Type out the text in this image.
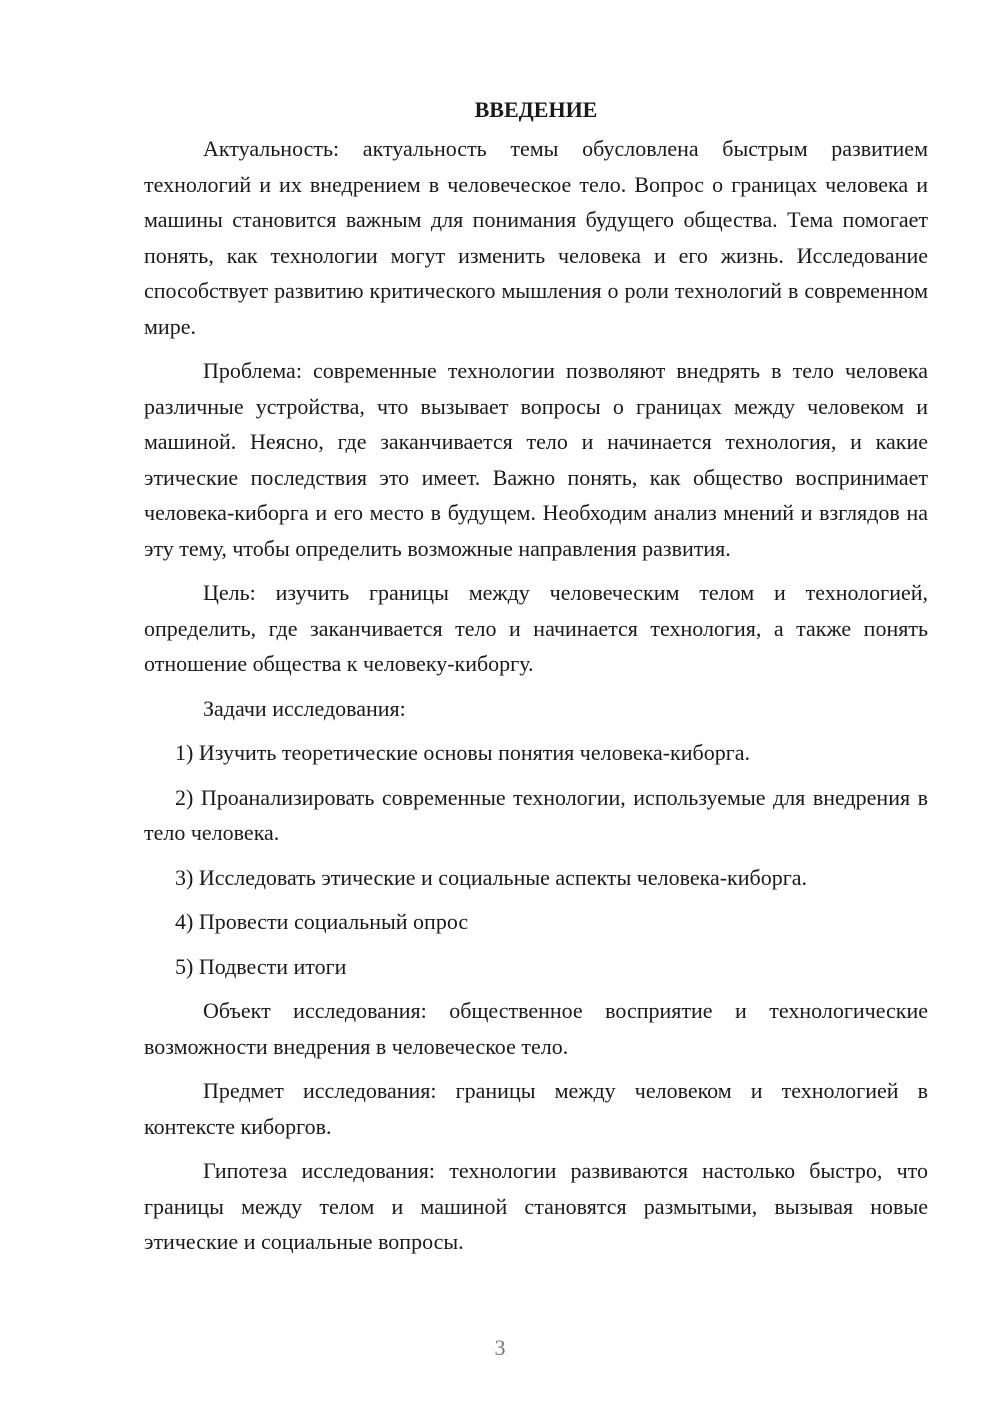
ВВЕДЕНИЕ

Актуальность: актуальность темы обусловлена быстрым развитием технологий и их внедрением в человеческое тело. Вопрос о границах человека и машины становится важным для понимания будущего общества. Тема помогает понять, как технологии могут изменить человека и его жизнь. Исследование способствует развитию критического мышления о роли технологий в современном мире.

Проблема: современные технологии позволяют внедрять в тело человека различные устройства, что вызывает вопросы о границах между человеком и машиной. Неясно, где заканчивается тело и начинается технология, и какие этические последствия это имеет. Важно понять, как общество воспринимает человека-киборга и его место в будущем. Необходим анализ мнений и взглядов на эту тему, чтобы определить возможные направления развития.

Цель: изучить границы между человеческим телом и технологией, определить, где заканчивается тело и начинается технология, а также понять отношение общества к человеку-киборгу.

Задачи исследования:

1) Изучить теоретические основы понятия человека-киборга.

2) Проанализировать современные технологии, используемые для внедрения в тело человека.

3) Исследовать этические и социальные аспекты человека-киборга.

4) Провести социальный опрос

5) Подвести итоги

Объект исследования: общественное восприятие и технологические возможности внедрения в человеческое тело.

Предмет исследования: границы между человеком и технологией в контексте киборгов.

Гипотеза исследования: технологии развиваются настолько быстро, что границы между телом и машиной становятся размытыми, вызывая новые этические и социальные вопросы.

3
